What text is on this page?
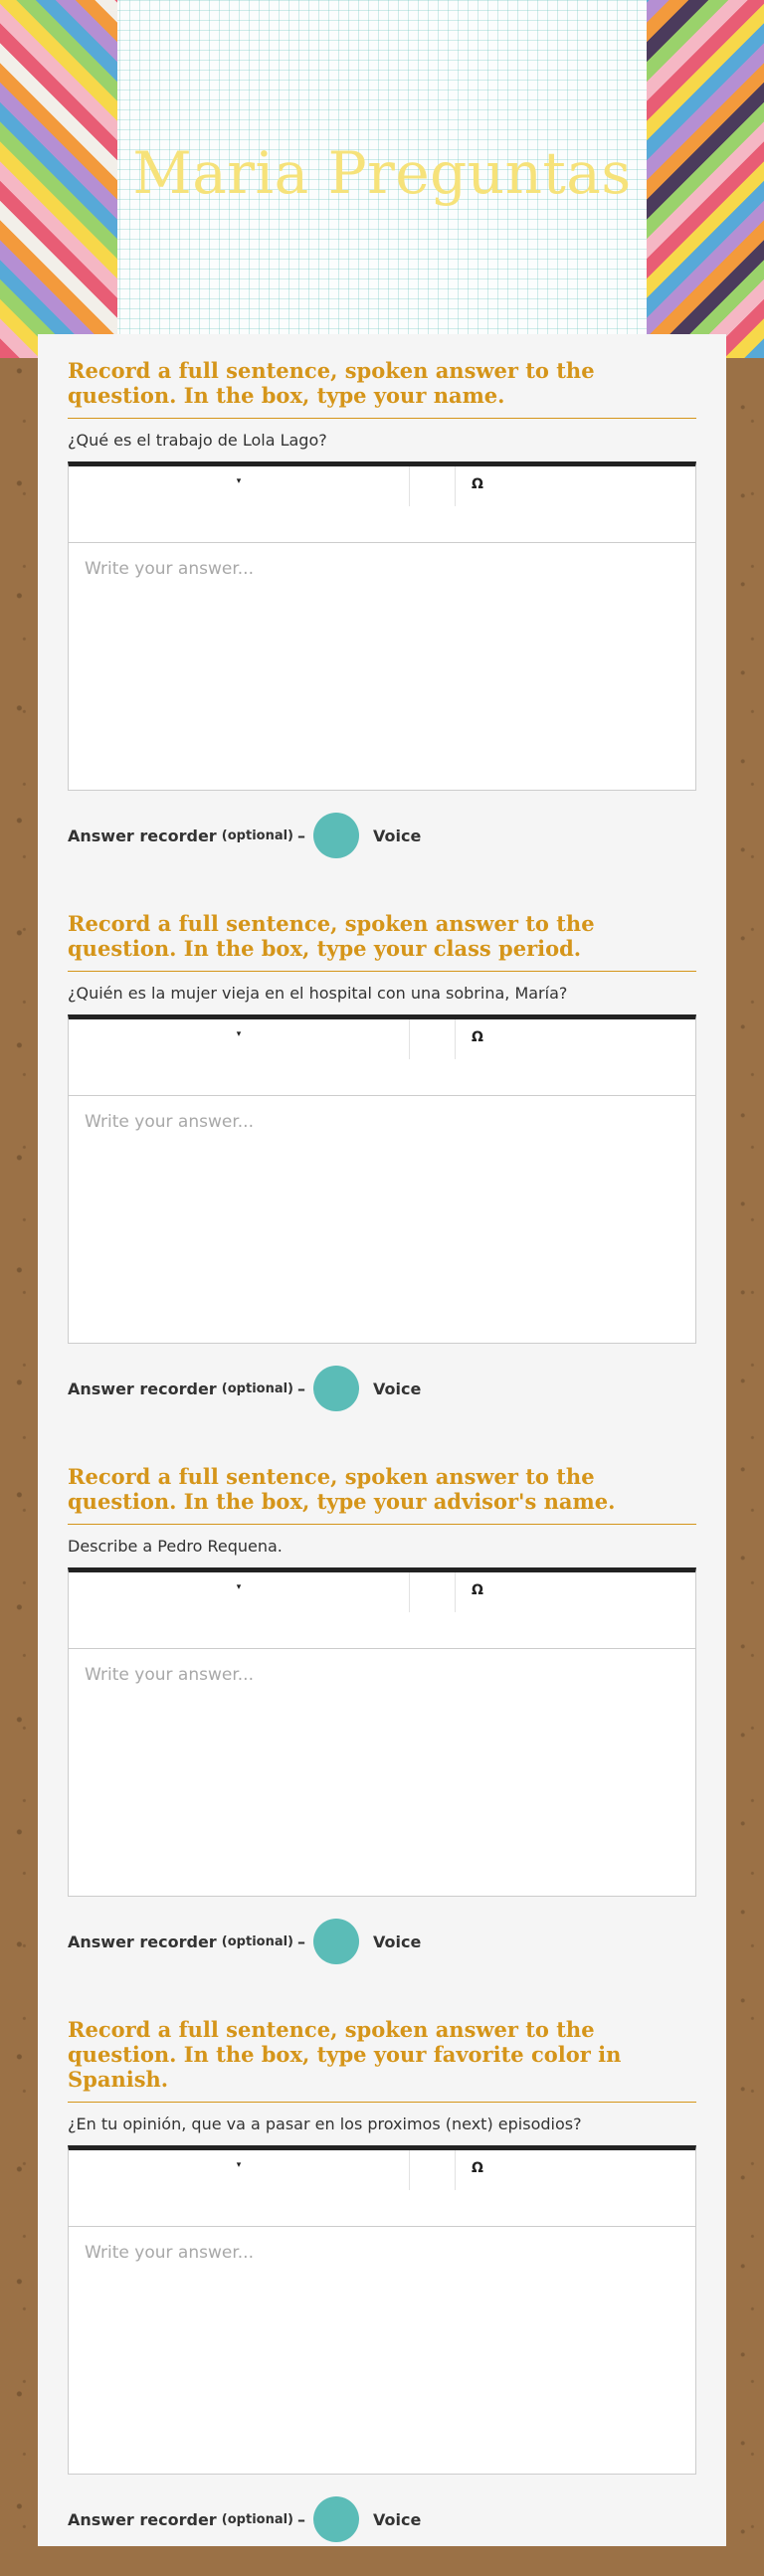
Maria Preguntas
Record a full sentence, spoken answer to the question. In the box, type your name.
¿Qué es el trabajo de Lola Lago?
▾	Ω
Write your answer...
Answer recorder
(optional) –	Voice
Record a full sentence, spoken answer to the question. In the box, type your class period.
¿Quién es la mujer vieja en el hospital con una sobrina, María?
▾	Ω
Write your answer...
Answer recorder
(optional) –	Voice
Record a full sentence, spoken answer to the question. In the box, type your advisor's name.
Describe a Pedro Requena.
▾	Ω
Write your answer...
Answer recorder
(optional) –	Voice
Record a full sentence, spoken answer to the question. In the box, type your favorite color in Spanish.
¿En tu opinión, que va a pasar en los proximos (next) episodios?
▾	Ω
Write your answer...
Answer recorder
(optional) –	Voice
